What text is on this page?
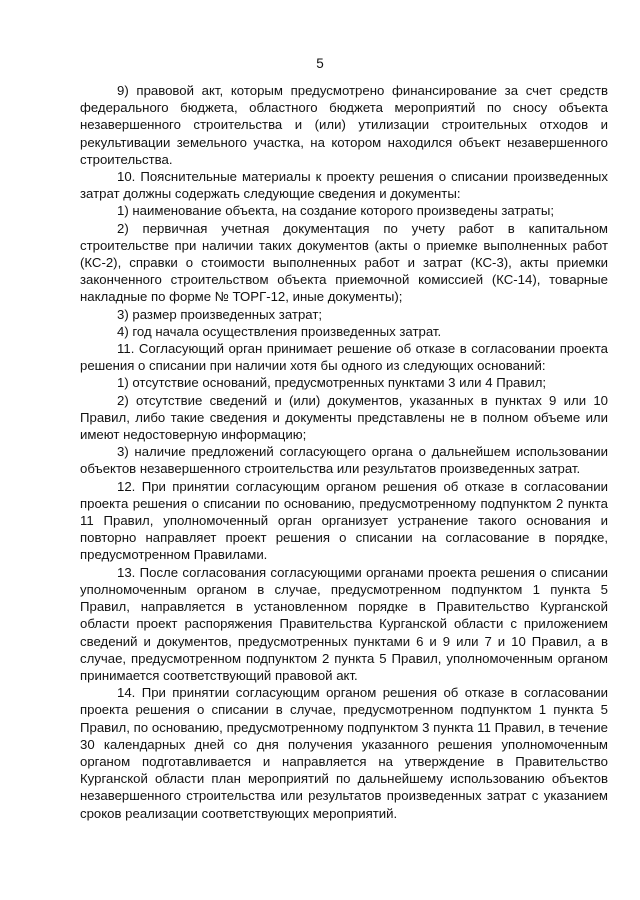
5

9) правовой акт, которым предусмотрено финансирование за счет средств федерального бюджета, областного бюджета мероприятий по сносу объекта незавершенного строительства и (или) утилизации строительных отходов и рекультивации земельного участка, на котором находился объект незавершенного строительства.

10. Пояснительные материалы к проекту решения о списании произведенных затрат должны содержать следующие сведения и документы:

1) наименование объекта, на создание которого произведены затраты;

2) первичная учетная документация по учету работ в капитальном строительстве при наличии таких документов (акты о приемке выполненных работ (КС-2), справки о стоимости выполненных работ и затрат (КС-3), акты приемки законченного строительством объекта приемочной комиссией (КС-14), товарные накладные по форме № ТОРГ-12, иные документы);

3) размер произведенных затрат;

4) год начала осуществления произведенных затрат.

11. Согласующий орган принимает решение об отказе в согласовании проекта решения о списании при наличии хотя бы одного из следующих оснований:

1) отсутствие оснований, предусмотренных пунктами 3 или 4 Правил;

2) отсутствие сведений и (или) документов, указанных в пунктах 9 или 10 Правил, либо такие сведения и документы представлены не в полном объеме или имеют недостоверную информацию;

3) наличие предложений согласующего органа о дальнейшем использовании объектов незавершенного строительства или результатов произведенных затрат.

12. При принятии согласующим органом решения об отказе в согласовании проекта решения о списании по основанию, предусмотренному подпунктом 2 пункта 11 Правил, уполномоченный орган организует устранение такого основания и повторно направляет проект решения о списании на согласование в порядке, предусмотренном Правилами.

13. После согласования согласующими органами проекта решения о списании уполномоченным органом в случае, предусмотренном подпунктом 1 пункта 5 Правил, направляется в установленном порядке в Правительство Курганской области проект распоряжения Правительства Курганской области с приложением сведений и документов, предусмотренных пунктами 6 и 9 или 7 и 10 Правил, а в случае, предусмотренном подпунктом 2 пункта 5 Правил, уполномоченным органом принимается соответствующий правовой акт.

14. При принятии согласующим органом решения об отказе в согласовании проекта решения о списании в случае, предусмотренном подпунктом 1 пункта 5 Правил, по основанию, предусмотренному подпунктом 3 пункта 11 Правил, в течение 30 календарных дней со дня получения указанного решения уполномоченным органом подготавливается и направляется на утверждение в Правительство Курганской области план мероприятий по дальнейшему использованию объектов незавершенного строительства или результатов произведенных затрат с указанием сроков реализации соответствующих мероприятий.
